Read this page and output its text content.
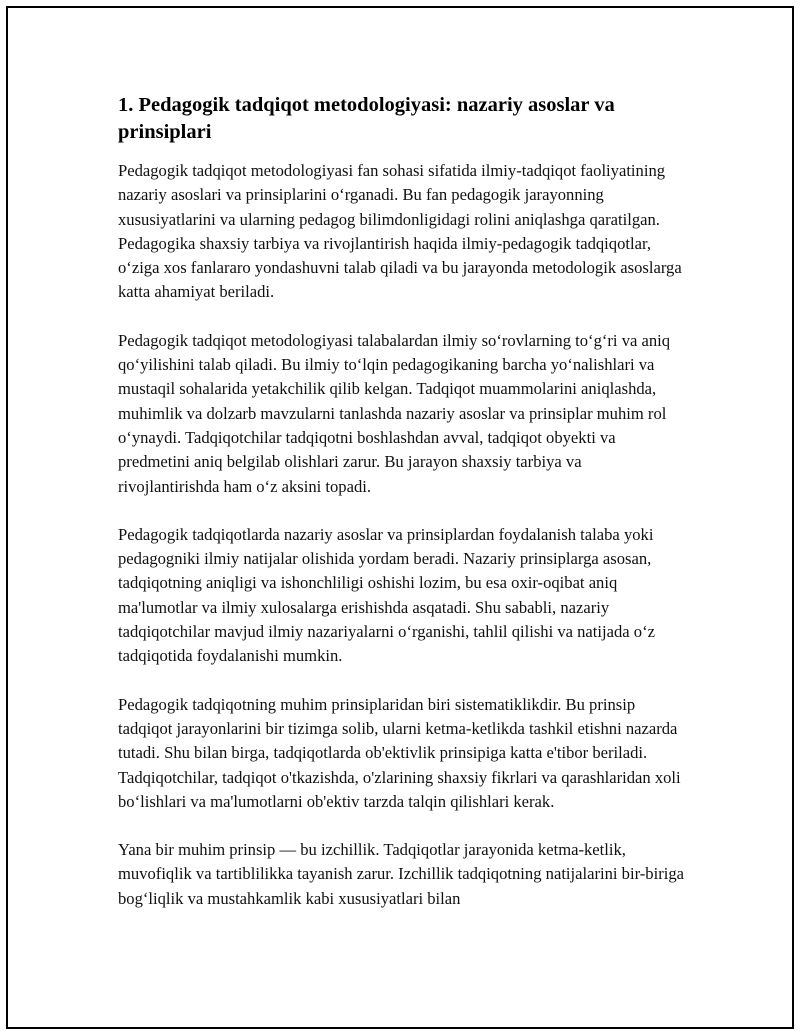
1. Pedagogik tadqiqot metodologiyasi: nazariy asoslar va prinsiplari

Pedagogik tadqiqot metodologiyasi fan sohasi sifatida ilmiy-tadqiqot faoliyatining nazariy asoslari va prinsiplarini o‘rganadi. Bu fan pedagogik jarayonning xususiyatlarini va ularning pedagog bilimdonligidagi rolini aniqlashga qaratilgan. Pedagogika shaxsiy tarbiya va rivojlantirish haqida ilmiy-pedagogik tadqiqotlar, o‘ziga xos fanlararo yondashuvni talab qiladi va bu jarayonda metodologik asoslarga katta ahamiyat beriladi.

Pedagogik tadqiqot metodologiyasi talabalardan ilmiy so‘rovlarning to‘g‘ri va aniq qo‘yilishini talab qiladi. Bu ilmiy to‘lqin pedagogikaning barcha yo‘nalishlari va mustaqil sohalarida yetakchilik qilib kelgan. Tadqiqot muammolarini aniqlashda, muhimlik va dolzarb mavzularni tanlashda nazariy asoslar va prinsiplar muhim rol o‘ynaydi. Tadqiqotchilar tadqiqotni boshlashdan avval, tadqiqot obyekti va predmetini aniq belgilab olishlari zarur. Bu jarayon shaxsiy tarbiya va rivojlantirishda ham o‘z aksini topadi.

Pedagogik tadqiqotlarda nazariy asoslar va prinsiplardan foydalanish talaba yoki pedagogniki ilmiy natijalar olishida yordam beradi. Nazariy prinsiplarga asosan, tadqiqotning aniqligi va ishonchliligi oshishi lozim, bu esa oxir-oqibat aniq ma'lumotlar va ilmiy xulosalarga erishishda asqatadi. Shu sababli, nazariy tadqiqotchilar mavjud ilmiy nazariyalarni o‘rganishi, tahlil qilishi va natijada o‘z tadqiqotida foydalanishi mumkin.

Pedagogik tadqiqotning muhim prinsiplaridan biri sistematiklikdir. Bu prinsip tadqiqot jarayonlarini bir tizimga solib, ularni ketma-ketlikda tashkil etishni nazarda tutadi. Shu bilan birga, tadqiqotlarda ob'ektivlik prinsipiga katta e'tibor beriladi. Tadqiqotchilar, tadqiqot o'tkazishda, o'zlarining shaxsiy fikrlari va qarashlaridan xoli bo‘lishlari va ma'lumotlarni ob'ektiv tarzda talqin qilishlari kerak.

Yana bir muhim prinsip — bu izchillik. Tadqiqotlar jarayonida ketma-ketlik, muvofiqlik va tartiblilikka tayanish zarur. Izchillik tadqiqotning natijalarini bir-biriga bog‘liqlik va mustahkamlik kabi xususiyatlari bilan
